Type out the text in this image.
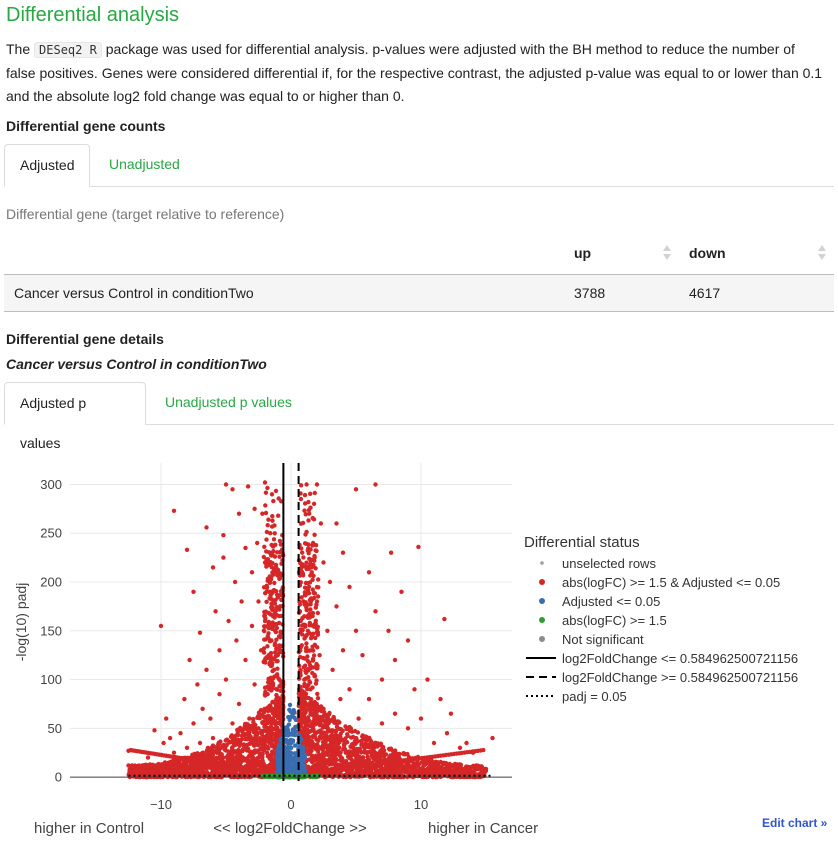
Differential analysis

The DESeq2 R package was used for differential analysis. p-values were adjusted with the BH method to reduce the number of false positives. Genes were considered differential if, for the respective contrast, the adjusted p-value was equal to or lower than 0.1 and the absolute log2 fold change was equal to or higher than 0.

Differential gene counts
Adjusted	Unadjusted
Differential gene (target relative to reference)
	up	down

Cancer versus Control in conditionTwo	3788	4617
Differential gene details
Cancer versus Control in conditionTwo
Adjusted p values
Unadjusted p values
−10	0	10
0
50
100
150
200
250
300
-log(10) padj
higher in Control	<< log2FoldChange >>	higher in Cancer
Differential status
unselected rows
abs(logFC) >= 1.5 & Adjusted <= 0.05
Adjusted <= 0.05
abs(logFC) >= 1.5
Not significant
log2FoldChange <= 0.584962500721156
log2FoldChange >= 0.584962500721156
padj = 0.05
Edit chart »
